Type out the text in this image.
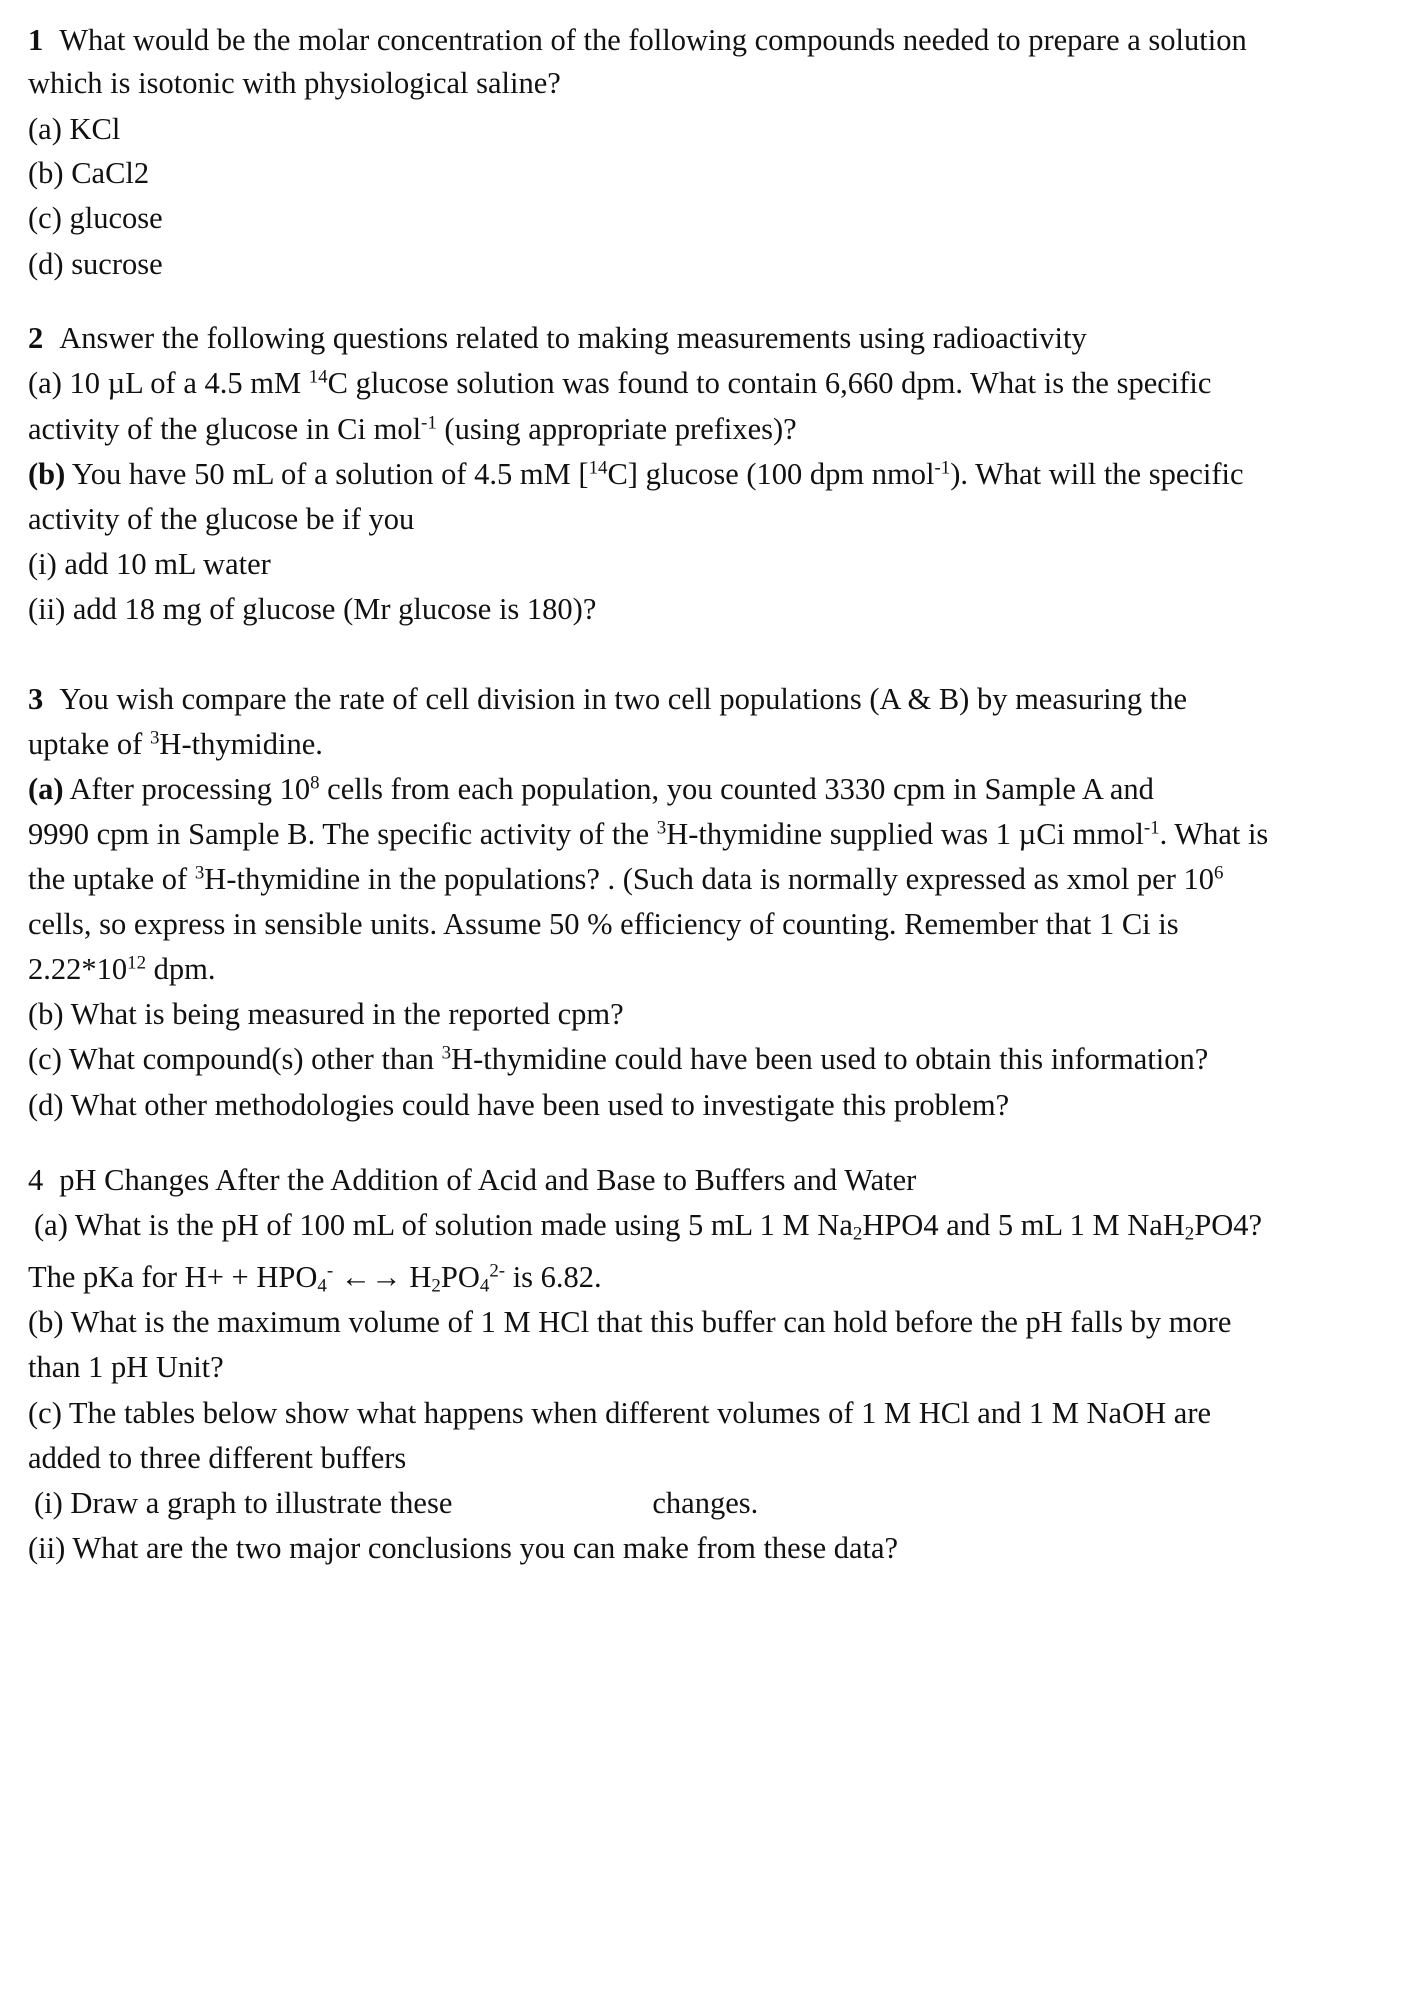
1 What would be the molar concentration of the following compounds needed to prepare a solution

which is isotonic with physiological saline?

(a) KCl

(b) CaCl2

(c) glucose

(d) sucrose

2 Answer the following questions related to making measurements using radioactivity

(a) 10 µL of a 4.5 mM $^{14}$C glucose solution was found to contain 6,660 dpm. What is the specific

activity of the glucose in Ci mol$^{-1}$ (using appropriate prefixes)?

(b) You have 50 mL of a solution of 4.5 mM [$^{14}$C] glucose (100 dpm nmol$^{-1}$). What will the specific

activity of the glucose be if you

(i) add 10 mL water

(ii) add 18 mg of glucose (Mr glucose is 180)?

3 You wish compare the rate of cell division in two cell populations (A & B) by measuring the

uptake of $^3$H-thymidine.

(a) After processing $10^8$ cells from each population, you counted 3330 cpm in Sample A and

9990 cpm in Sample B. The specific activity of the $^3$H-thymidine supplied was 1 µCi mmol$^{-1}$. What is

the uptake of $^3$H-thymidine in the populations? . (Such data is normally expressed as xmol per $10^6$

cells, so express in sensible units. Assume 50 % efficiency of counting. Remember that 1 Ci is

$2.22*10^{12}$ dpm.

(b) What is being measured in the reported cpm?

(c) What compound(s) other than $^3$H-thymidine could have been used to obtain this information?

(d) What other methodologies could have been used to investigate this problem?

4 pH Changes After the Addition of Acid and Base to Buffers and Water

(a) What is the pH of 100 mL of solution made using 5 mL 1 M $Na_2HPO4$ and 5 mL 1 M NaH$_2$PO4?

The pKa for $H+ + HPO_4^-$ ←→ $H_2PO_4^{2-}$ is 6.82.

(b) What is the maximum volume of 1 M HCl that this buffer can hold before the pH falls by more

than 1 pH Unit?

(c) The tables below show what happens when different volumes of 1 M HCl and 1 M NaOH are

added to three different buffers

(i) Draw a graph to illustrate these	changes.

(ii) What are the two major conclusions you can make from these data?
